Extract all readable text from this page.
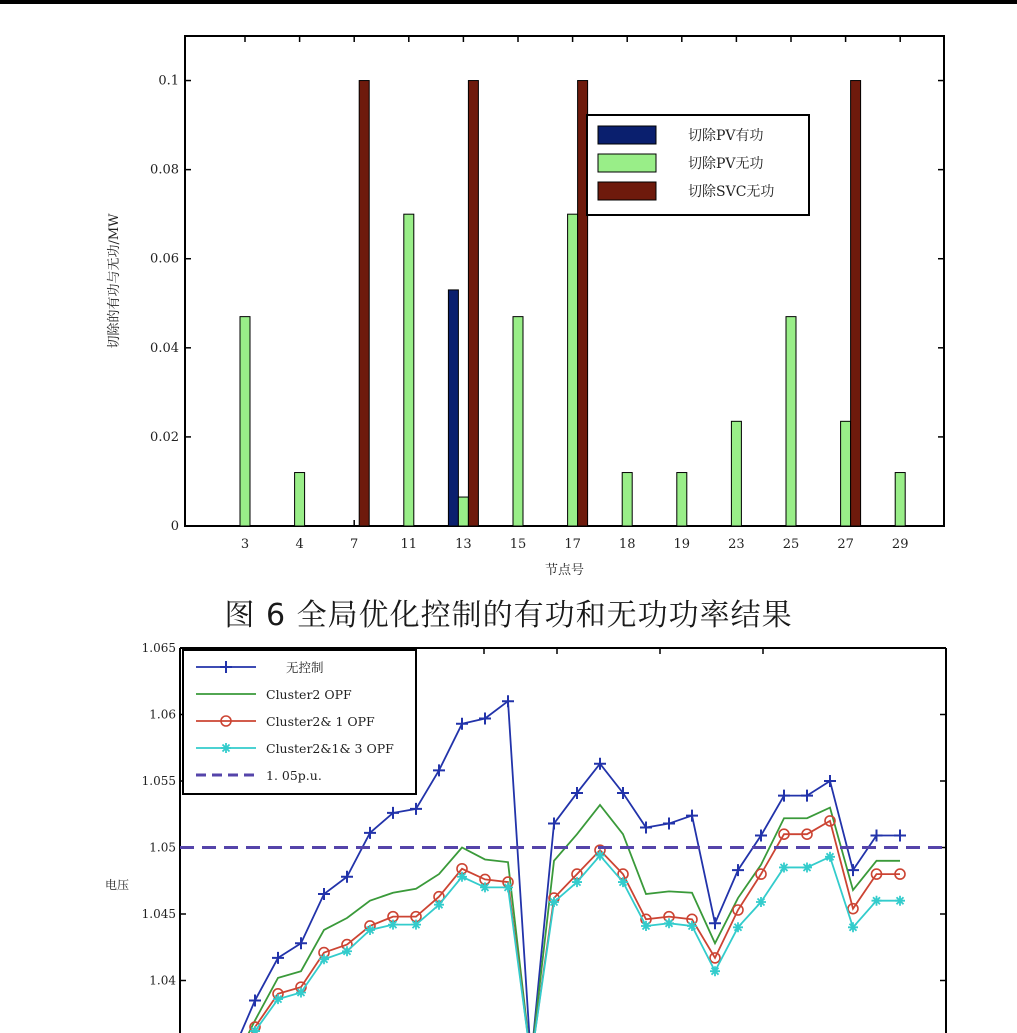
0
0.02
0.04
0.06
0.08
0.1
3	4	7	11	13	15	17	18	19	23	25	27	29
节点号
切除的有功与无功/MW
切除PV有功
切除PV无功
切除SVC无功
图 6 全局优化控制的有功和无功功率结果
1.065
1.06
1.055
1.05
1.045
1.04
电压
无控制
Cluster2 OPF
Cluster2& 1 OPF
Cluster2&1& 3 OPF
1. 05p.u.
